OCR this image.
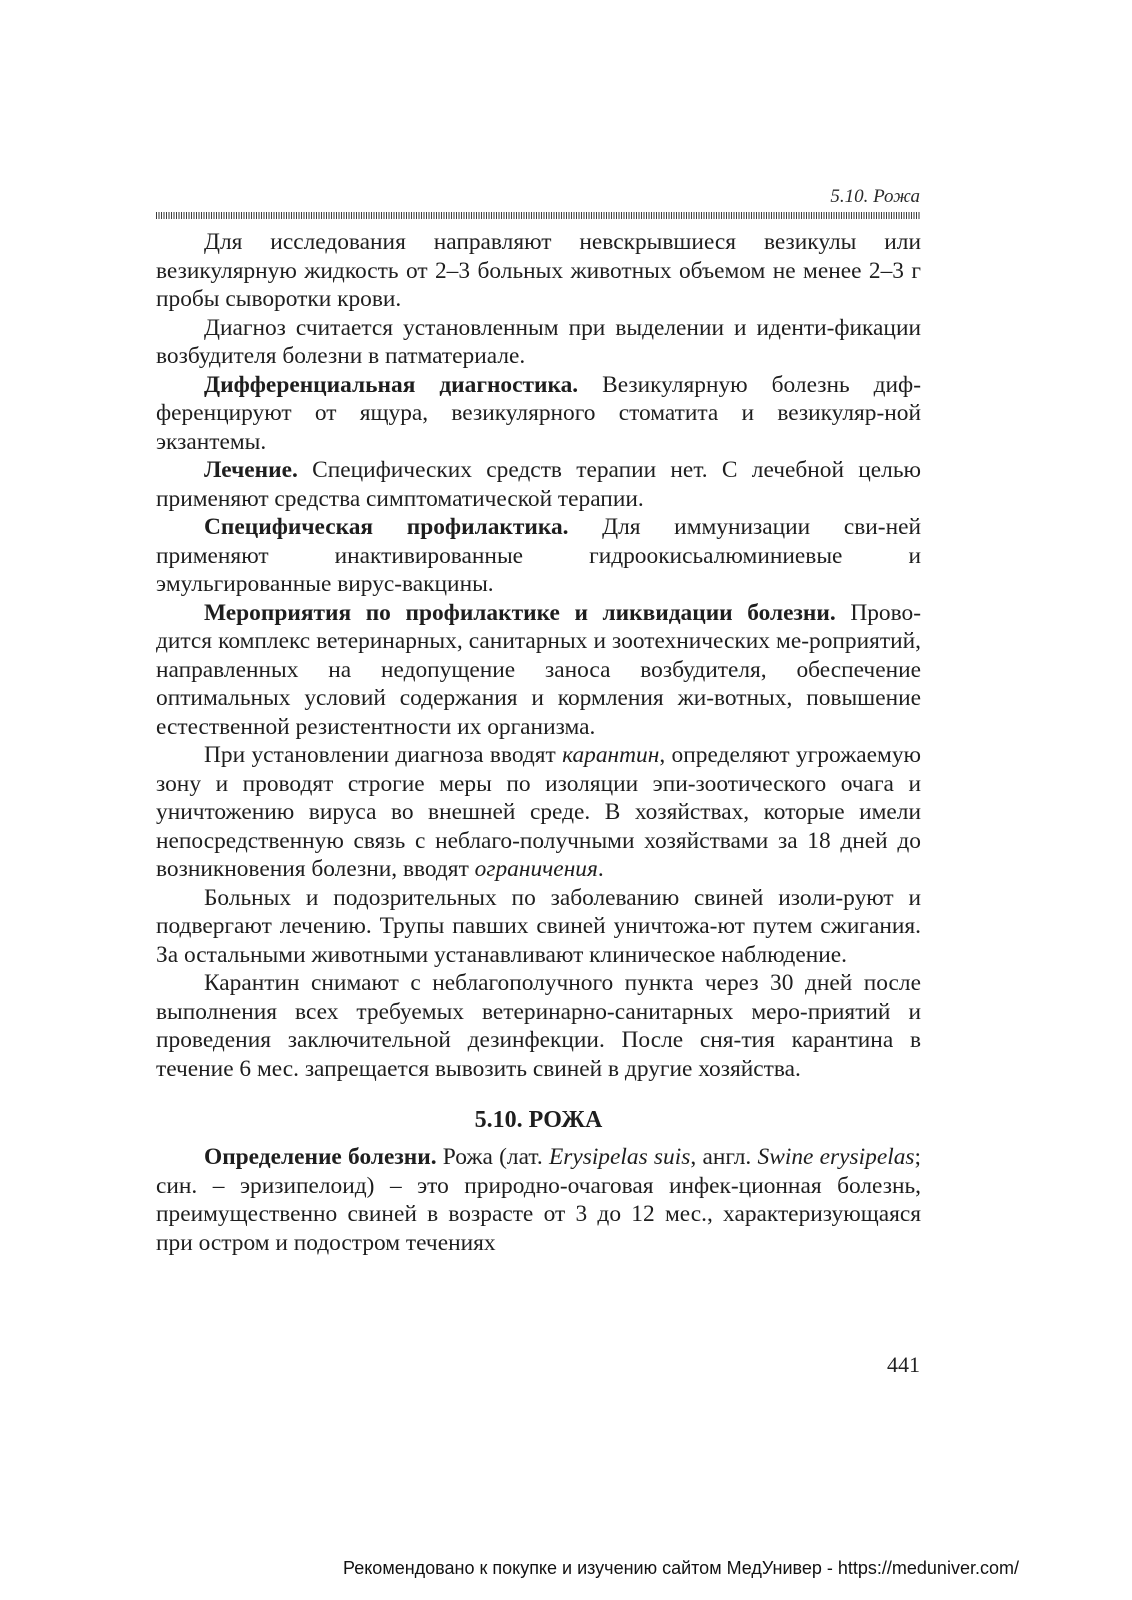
5.10. Рожа

Для исследования направляют невскрывшиеся везикулы или везикулярную жидкость от 2–3 больных животных объемом не менее 2–3 г пробы сыворотки крови.

Диагноз считается установленным при выделении и иденти-фикации возбудителя болезни в патматериале.

Дифференциальная диагностика. Везикулярную болезнь диф-ференцируют от ящура, везикулярного стоматита и везикуляр-ной экзантемы.

Лечение. Специфических средств терапии нет. С лечебной целью применяют средства симптоматической терапии.

Специфическая профилактика. Для иммунизации сви-ней применяют инактивированные гидроокисьалюминиевые и эмульгированные вирус-вакцины.

Мероприятия по профилактике и ликвидации болезни. Прово-дится комплекс ветеринарных, санитарных и зоотехнических ме-роприятий, направленных на недопущение заноса возбудителя, обеспечение оптимальных условий содержания и кормления жи-вотных, повышение естественной резистентности их организма.

При установлении диагноза вводят карантин, определяют угрожаемую зону и проводят строгие меры по изоляции эпи-зоотического очага и уничтожению вируса во внешней среде. В хозяйствах, которые имели непосредственную связь с неблаго-получными хозяйствами за 18 дней до возникновения болезни, вводят ограничения.

Больных и подозрительных по заболеванию свиней изоли-руют и подвергают лечению. Трупы павших свиней уничтожа-ют путем сжигания. За остальными животными устанавливают клиническое наблюдение.

Карантин снимают с неблагополучного пункта через 30 дней после выполнения всех требуемых ветеринарно-санитарных меро-приятий и проведения заключительной дезинфекции. После сня-тия карантина в течение 6 мес. запрещается вывозить свиней в другие хозяйства.

5.10. РОЖА

Определение болезни. Рожа (лат. Erysipelas suis, англ. Swine erysipelas; син. – эризипелоид) – это природно-очаговая инфек-ционная болезнь, преимущественно свиней в возрасте от 3 до 12 мес., характеризующаяся при остром и подостром течениях

441
Рекомендовано к покупке и изучению сайтом МедУнивер - https://meduniver.com/
